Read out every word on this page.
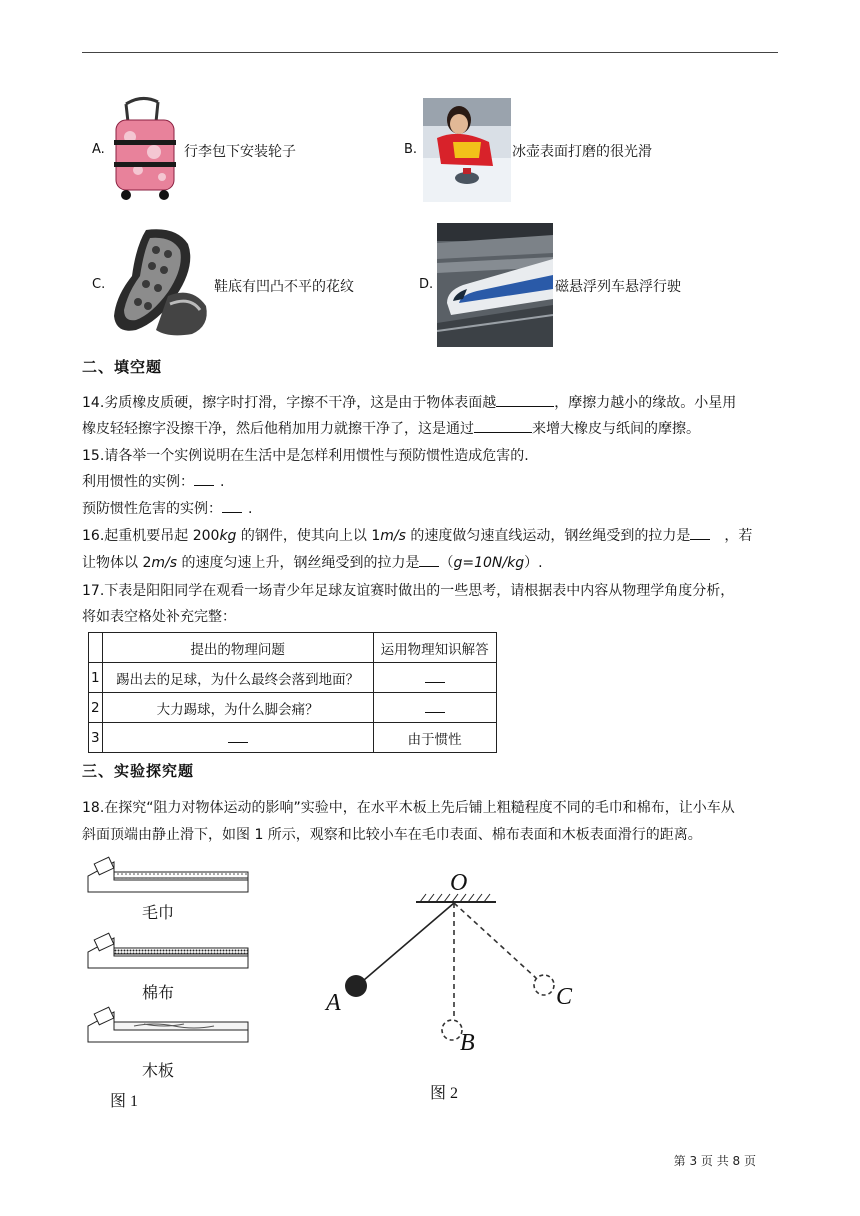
A.	行李包下安装轮子	B.	冰壶表面打磨的很光滑
C.	鞋底有凹凸不平的花纹	D.	磁悬浮列车悬浮行驶
二、填空题
14.劣质橡皮质硬，擦字时打滑，字擦不干净，这是由于物体表面越	，摩擦力越小的缘故。小星用
橡皮轻轻擦字没擦干净，然后他稍加用力就擦干净了，这是通过	来增大橡皮与纸间的摩擦。
15.请各举一个实例说明在生活中是怎样利用惯性与预防惯性造成危害的.
利用惯性的实例： .
预防惯性危害的实例： .
16.起重机要吊起 200kg 的钢件，使其向上以 1m/s 的速度做匀速直线运动，钢丝绳受到的拉力是 ，若
让物体以 2m/s 的速度匀速上升，钢丝绳受到的拉力是 （g=10N/kg）.
17.下表是阳阳同学在观看一场青少年足球友谊赛时做出的一些思考，请根据表中内容从物理学角度分析，
将如表空格处补充完整：
	提出的物理问题	运用物理知识解答
1	踢出去的足球，为什么最终会落到地面？	
2	大力踢球，为什么脚会痛？	
3		由于惯性
三、实验探究题
18.在探究“阻力对物体运动的影响”实验中，在水平木板上先后铺上粗糙程度不同的毛巾和棉布，让小车从
斜面顶端由静止滑下，如图 1 所示，观察和比较小车在毛巾表面、棉布表面和木板表面滑行的距离。
毛巾
棉布
木板
图 1
O
A
B
C
图 2
第 3 页 共 8 页
